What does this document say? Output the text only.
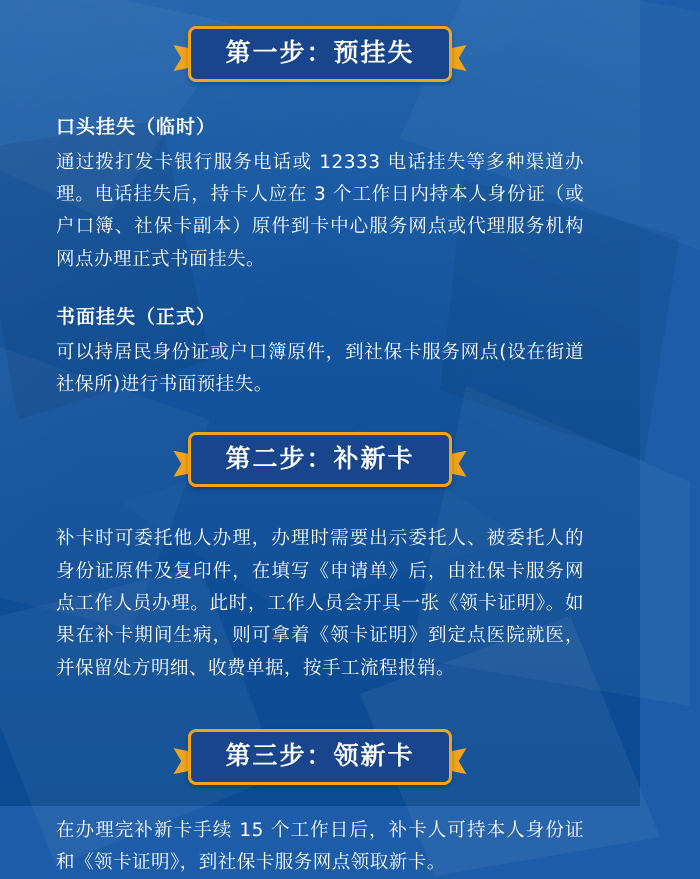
第一步：预挂失
口头挂失（临时）

通过拨打发卡银行服务电话或 12333 电话挂失等多种渠道办理。电话挂失后，持卡人应在 3 个工作日内持本人身份证（或户口簿、社保卡副本）原件到卡中心服务网点或代理服务机构网点办理正式书面挂失。

书面挂失（正式）

可以持居民身份证或户口簿原件，到社保卡服务网点(设在街道社保所)进行书面预挂失。

第二步：补新卡

补卡时可委托他人办理，办理时需要出示委托人、被委托人的身份证原件及复印件，在填写《申请单》后，由社保卡服务网点工作人员办理。此时，工作人员会开具一张《领卡证明》。如果在补卡期间生病，则可拿着《领卡证明》到定点医院就医，并保留处方明细、收费单据，按手工流程报销。

第三步：领新卡

在办理完补新卡手续 15 个工作日后，补卡人可持本人身份证和《领卡证明》，到社保卡服务网点领取新卡。
